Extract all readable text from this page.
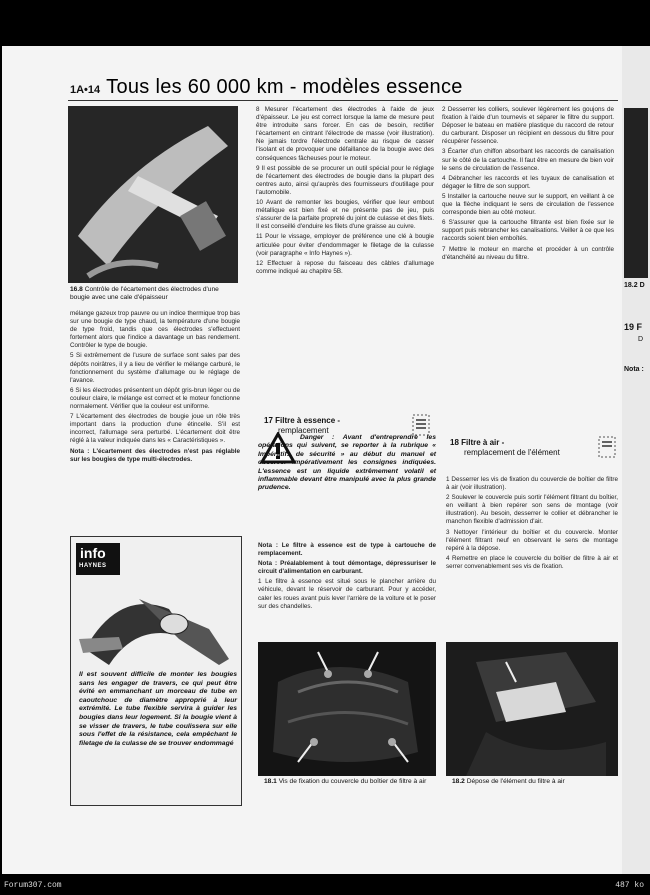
1A•14 Tous les 60 000 km - modèles essence
16.8 Contrôle de l'écartement des électrodes d'une bougie avec une cale d'épaisseur

mélange gazeux trop pauvre ou un indice thermique trop bas sur une bougie de type chaud, la température d'une bougie de type froid, tandis que ces électrodes s'effectuent fortement alors que l'indice a davantage un bas rendement. Contrôler le type de bougie.

5 Si extrêmement de l'usure de surface sont sales par des dépôts noirâtres, il y a lieu de vérifier le mélange carburé, le fonctionnement du système d'allumage ou le réglage de l'avance.

6 Si les électrodes présentent un dépôt gris-brun léger ou de couleur claire, le mélange est correct et le moteur fonctionne normalement. Vérifier que la couleur est uniforme.

7 L'écartement des électrodes de bougie joue un rôle très important dans la production d'une étincelle. S'il est incorrect, l'allumage sera perturbé. L'écartement doit être réglé à la valeur indiquée dans les « Caractéristiques ».

Nota : L'écartement des électrodes n'est pas réglable sur les bougies de type multi-électrodes.

info
HAYNES
Il est souvent difficile de monter les bougies sans les engager de travers, ce qui peut être évité en emmanchant un morceau de tube en caoutchouc de diamètre approprié à leur extrémité. Le tube flexible servira à guider les bougies dans leur logement. Si la bougie vient à se visser de travers, le tube coulissera sur elle sous l'effet de la résistance, cela empêchant le filetage de la culasse de se trouver endommagé

8 Mesurer l'écartement des électrodes à l'aide de jeux d'épaisseur. Le jeu est correct lorsque la lame de mesure peut être introduite sans forcer. En cas de besoin, rectifier l'écartement en cintrant l'électrode de masse (voir illustration). Ne jamais tordre l'électrode centrale au risque de casser l'isolant et de provoquer une défaillance de la bougie avec des conséquences fâcheuses pour le moteur.

9 Il est possible de se procurer un outil spécial pour le réglage de l'écartement des électrodes de bougie dans la plupart des centres auto, ainsi qu'auprès des fournisseurs d'outillage pour l'automobile.

10 Avant de remonter les bougies, vérifier que leur embout métallique est bien fixé et ne présente pas de jeu, puis s'assurer de la parfaite propreté du joint de culasse et des filets. Il est conseillé d'enduire les filets d'une graisse au cuivre.

11 Pour le vissage, employer de préférence une clé à bougie articulée pour éviter d'endommager le filetage de la culasse (voir paragraphe « Info Haynes »).

12 Effectuer à repose du faisceau des câbles d'allumage comme indiqué au chapitre 5B.

17 Filtre à essence -
remplacement
Danger : Avant d'entreprendre les opérations qui suivent, se reporter à la rubrique « Impératifs de sécurité » au début du manuel et observer impérativement les consignes indiquées. L'essence est un liquide extrêmement volatil et inflammable devant être manipulé avec la plus grande prudence.

Nota : Le filtre à essence est de type à cartouche de remplacement.

Nota : Préalablement à tout démontage, dépressuriser le circuit d'alimentation en carburant.

1 Le filtre à essence est situé sous le plancher arrière du véhicule, devant le réservoir de carburant. Pour y accéder, caler les roues avant puis lever l'arrière de la voiture et le poser sur des chandelles.

2 Desserrer les colliers, soulever légèrement les goujons de fixation à l'aide d'un tournevis et séparer le filtre du support. Déposer le bateau en matière plastique du raccord de retour du carburant. Disposer un récipient en dessous du filtre pour récupérer l'essence.

3 Écarter d'un chiffon absorbant les raccords de canalisation sur le côté de la cartouche. Il faut être en mesure de bien voir le sens de circulation de l'essence.

4 Débrancher les raccords et les tuyaux de canalisation et dégager le filtre de son support.

5 Installer la cartouche neuve sur le support, en veillant à ce que la flèche indiquant le sens de circulation de l'essence corresponde bien au côté moteur.

6 S'assurer que la cartouche filtrante est bien fixée sur le support puis rebrancher les canalisations. Veiller à ce que les raccords soient bien emboîtés.

7 Mettre le moteur en marche et procéder à un contrôle d'étanchéité au niveau du filtre.

18 Filtre à air -
remplacement de l'élément

1 Desserrer les vis de fixation du couvercle de boîtier de filtre à air (voir illustration).

2 Soulever le couvercle puis sortir l'élément filtrant du boîtier, en veillant à bien repérer son sens de montage (voir illustration). Au besoin, desserrer le collier et débrancher le manchon flexible d'admission d'air.

3 Nettoyer l'intérieur du boîtier et du couvercle. Monter l'élément filtrant neuf en observant le sens de montage repéré à la dépose.

4 Remettre en place le couvercle du boîtier de filtre à air et serrer convenablement ses vis de fixation.

18.1 Vis de fixation du couvercle du boîtier de filtre à air	18.2 Dépose de l'élément du filtre à air
18.2 D
19 F
D
Nota :
Forum307.com	487 ko
